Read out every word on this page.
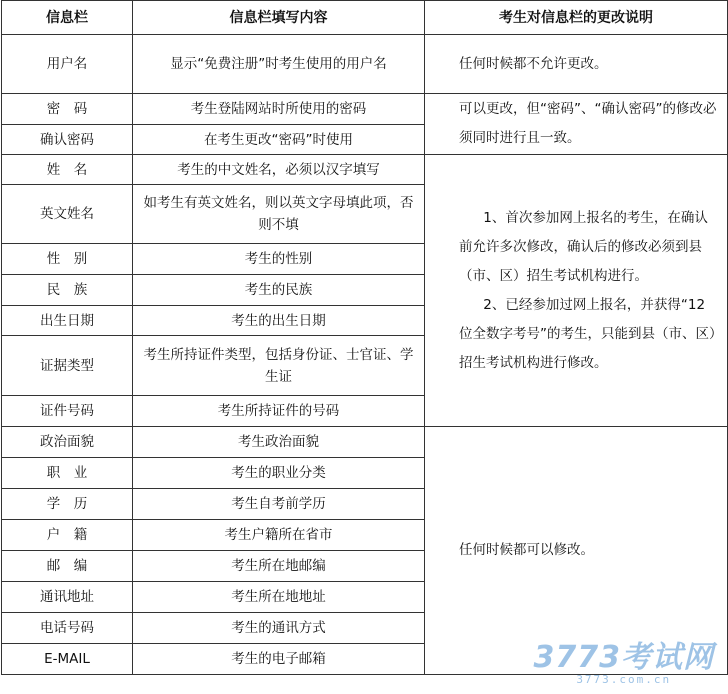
信息栏	信息栏填写内容	考生对信息栏的更改说明
用户名	显示“免费注册”时考生使用的用户名	任何时候都不允许更改。

密　码	考生登陆网站时所使用的密码	可以更改，但“密码”、“确认密码”的修改必须同时进行且一致。

确认密码	在考生更改“密码”时使用	
姓　名	考生的中文姓名，必须以汉字填写	1、首次参加网上报名的考生，在确认前允许多次修改，确认后的修改必须到县（市、区）招生考试机构进行。

2、已经参加过网上报名，并获得“12位全数字考号”的考生，只能到县（市、区）招生考试机构进行修改。

英文姓名	如考生有英文姓名，则以英文字母填此项，否则不填	
性　别	考生的性别	
民　族	考生的民族	
出生日期	考生的出生日期	
证据类型	考生所持证件类型，包括身份证、士官证、学生证	
证件号码	考生所持证件的号码	
政治面貌	考生政治面貌	任何时候都可以修改。

职　业	考生的职业分类	
学　历	考生自考前学历	
户　籍	考生户籍所在省市	
邮　编	考生所在地邮编	
通讯地址	考生所在地地址	
电话号码	考生的通讯方式	
E-MAIL	考生的电子邮箱		3773考试网
3773.com.cn
